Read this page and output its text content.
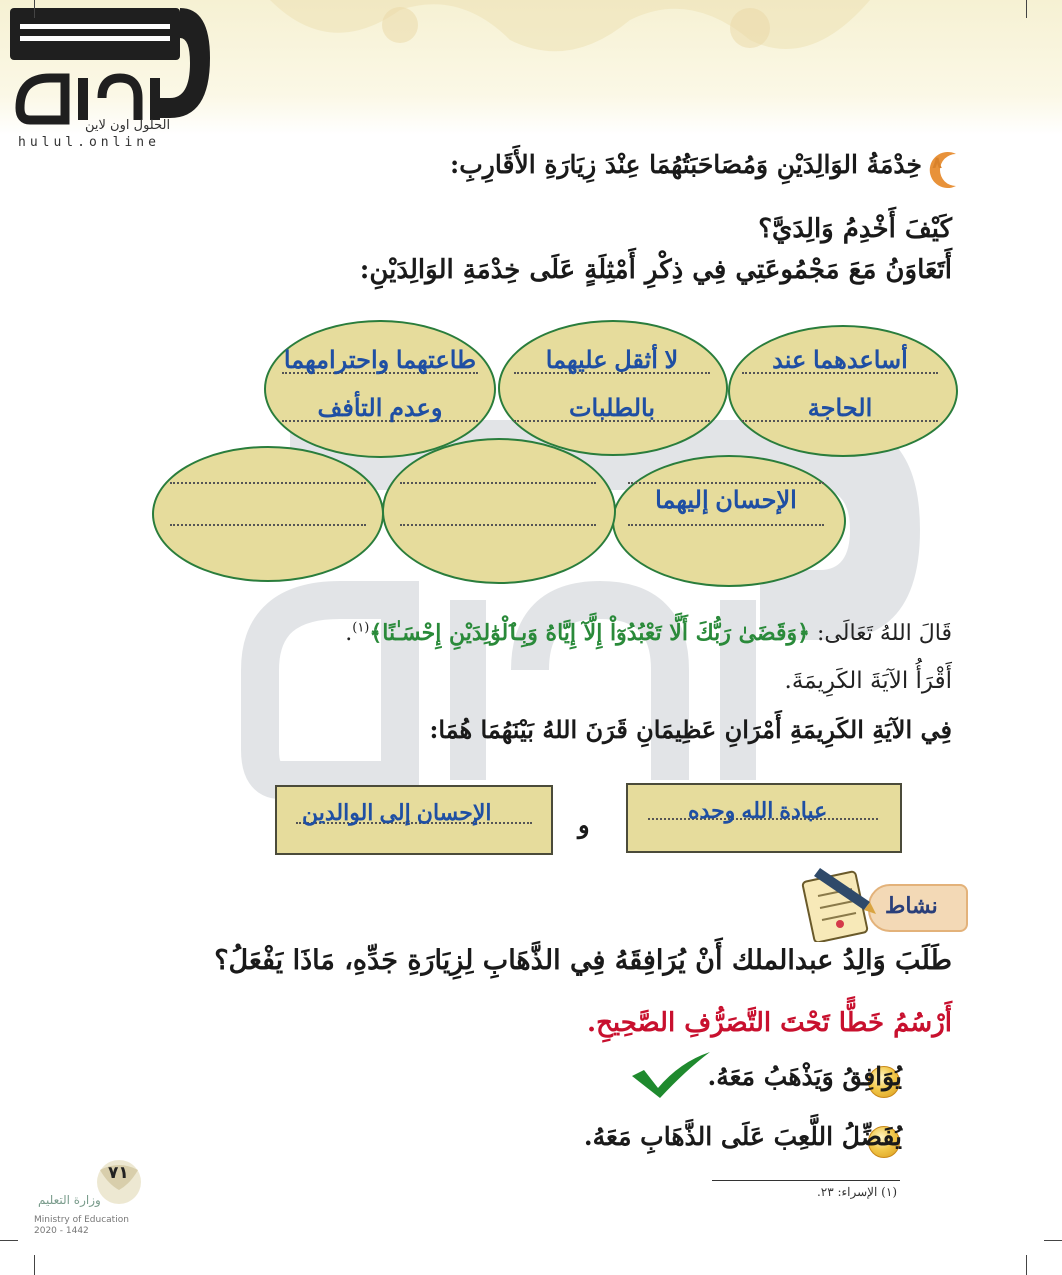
الحلول اون لاين
hulul.online
٨
خِدْمَةُ الوَالِدَيْنِ وَمُصَاحَبَتُهُمَا عِنْدَ زِيَارَةِ الأَقَارِبِ:
كَيْفَ أَخْدِمُ وَالِدَيَّ؟
أَتَعَاوَنُ مَعَ مَجْمُوعَتِي فِي ذِكْرِ أَمْثِلَةٍ عَلَى خِدْمَةِ الوَالِدَيْنِ:
أساعدهما عند
الحاجة
لا أثقل عليهما
بالطلبات
طاعتهما واحترامهما
وعدم التأفف
الإحسان إليهما
قَالَ اللهُ تَعَالَى: ﴿وَقَضَىٰ رَبُّكَ أَلَّا تَعْبُدُوٓاْ إِلَّآ إِيَّاهُ وَبِٱلْوَٰلِدَيْنِ إِحْسَـٰنًا﴾$^{(١)}$.
أَقْرَأُ الآيَةَ الكَرِيمَةَ.
فِي الآيَةِ الكَرِيمَةِ أَمْرَانِ عَظِيمَانِ قَرَنَ اللهُ بَيْنَهُمَا هُمَا:
عبادة الله وحده
و
الإحسان إلى الوالدين
نشاط
طَلَبَ وَالِدُ عبدالملك أَنْ يُرَافِقَهُ فِي الذَّهَابِ لِزِيَارَةِ جَدِّهِ، مَاذَا يَفْعَلُ؟
أَرْسُمُ خَطًّا تَحْتَ التَّصَرُّفِ الصَّحِيحِ.
يُوَافِقُ وَيَذْهَبُ مَعَهُ.
يُفَضِّلُ اللَّعِبَ عَلَى الذَّهَابِ مَعَهُ.
(١) الإسراء: ٢٣.
٧١
وزارة التعليم
Ministry of Education
2020 - 1442
